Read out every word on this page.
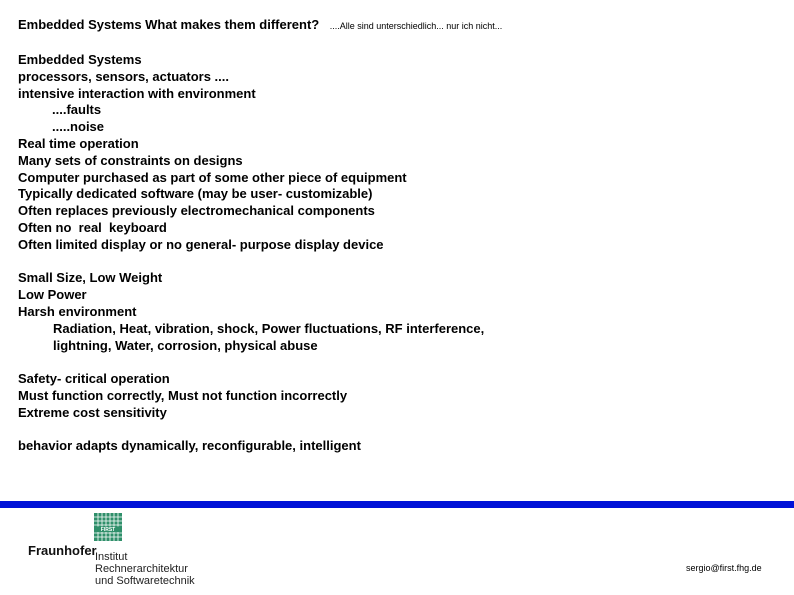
Embedded Systems What makes them different? ....Alle sind unterschiedlich... nur ich nicht...
Embedded Systems
processors, sensors, actuators ....
intensive interaction with environment
....faults
.....noise
Real time operation
Many sets of constraints on designs
Computer purchased as part of some other piece of equipment
Typically dedicated software (may be user- customizable)
Often replaces previously electromechanical components
Often no  real  keyboard
Often limited display or no general- purpose display device
Small Size, Low Weight
Low Power
Harsh environment
Radiation, Heat, vibration, shock, Power fluctuations, RF interference,
lightning, Water, corrosion, physical abuse
Safety- critical operation
Must function correctly, Must not function incorrectly
Extreme cost sensitivity
behavior adapts dynamically, reconfigurable, intelligent
FIRST
Fraunhofer
Institut
Rechnerarchitektur
und Softwaretechnik
sergio@first.fhg.de
